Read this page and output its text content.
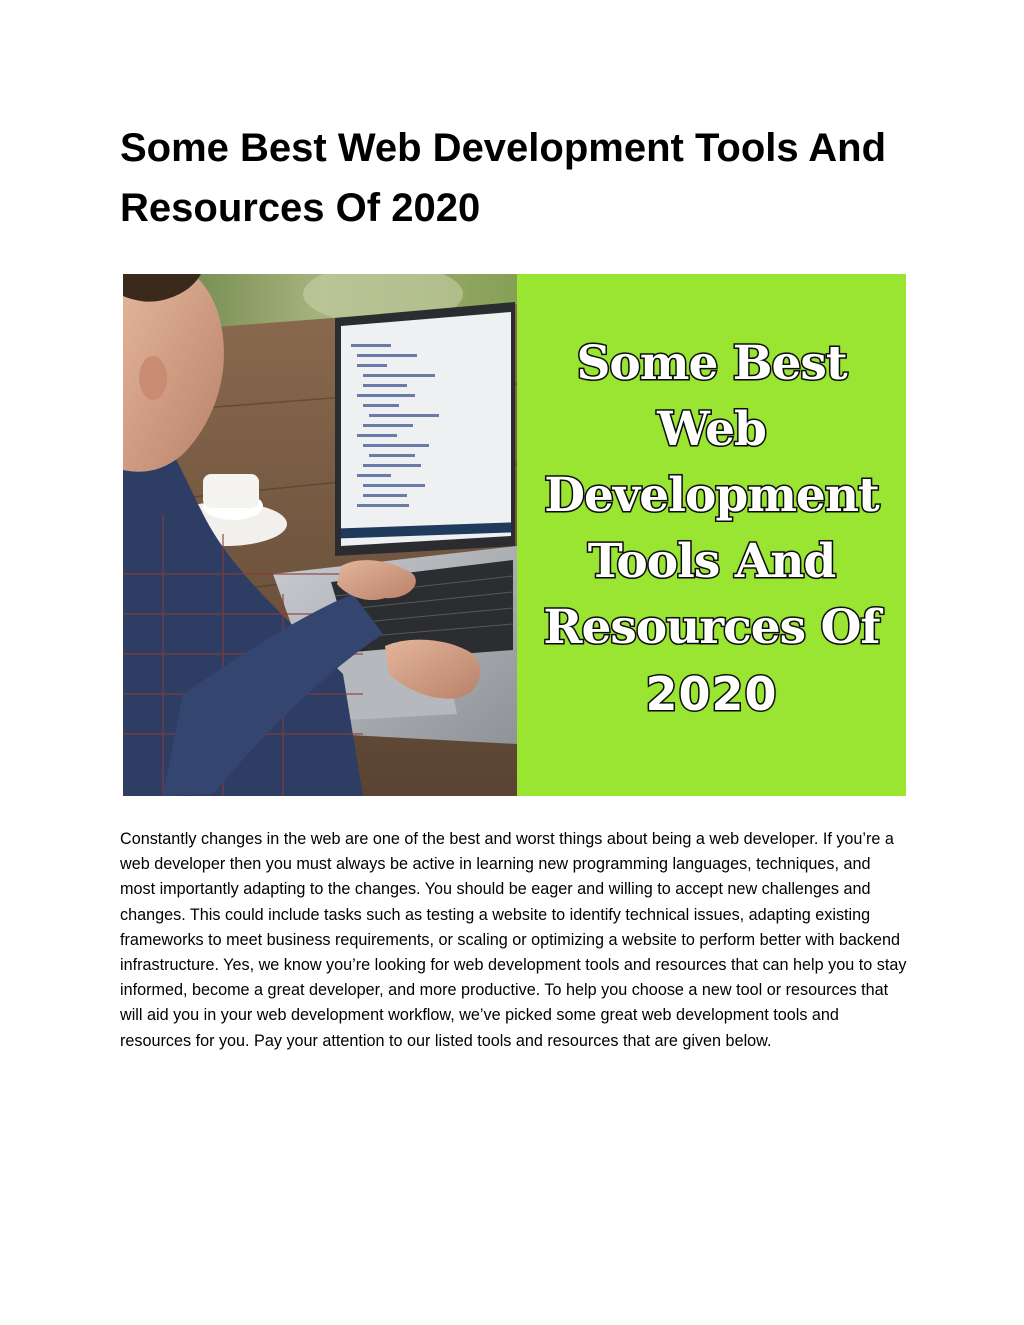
Some Best Web Development Tools And Resources Of 2020
Some Best
Web
Development
Tools And
Resources Of
2020

Constantly changes in the web are one of the best and worst things about being a web developer. If you’re a web developer then you must always be active in learning new programming languages, techniques, and most importantly adapting to the changes. You should be eager and willing to accept new challenges and changes. This could include tasks such as testing a website to identify technical issues, adapting existing frameworks to meet business requirements, or scaling or optimizing a website to perform better with backend infrastructure. Yes, we know you’re looking for web development tools and resources that can help you to stay informed, become a great developer, and more productive. To help you choose a new tool or resources that will aid you in your web development workflow, we’ve picked some great web development tools and resources for you. Pay your attention to our listed tools and resources that are given below.
